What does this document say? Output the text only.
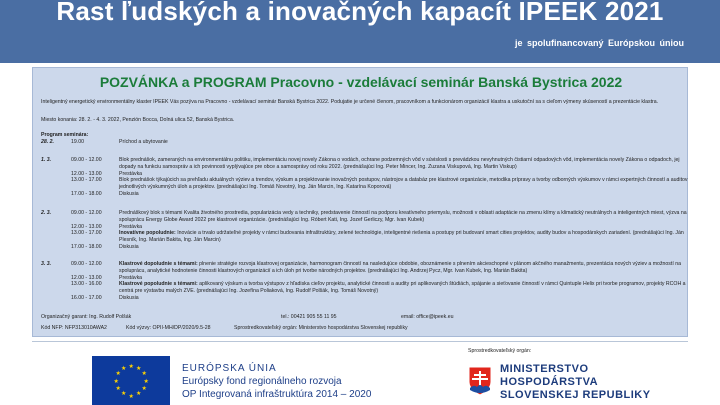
Rast ľudských a inovačných kapacít IPEEK 2021
je spolufinancovaný Európskou úniou
POZVÁNKA a PROGRAM Pracovno - vzdelávací seminár Banská Bystrica 2022
Inteligentný energetický environmentálny klaster IPEEK Vás pozýva na Pracovno - vzdelávací seminár Banská Bystrica 2022. Podujatie je určené členom, pracovníkom a funkcionárom organizácií klastra a uskutoční sa s cieľom výmeny skúseností a prezentácie klastra.
Miesto konania: 28. 2. - 4. 3. 2022, Penzión Bocca, Dolná ulica 52, Banská Bystrica.
Program seminára:
28. 2.	19.00	Príchod a ubytovanie
1. 3.	09.00 - 12.00	Blok prednášok, zameraných na environmentálnu politiku, implementáciu novej novely Zákona o vodách, ochrane podzemných vôd v súvislosti s prevádzkou nevyhnutných čistiarní odpadových vôd, implementácia novely Zákona o odpadoch, jej dopady na funkciu samospráv a ich povinnosti vyplývajúce pre obce a samosprávy od roku 2022. (prednášajúci Ing. Peter Mincer, Ing. Zuzana Viskupová, Ing. Martin Viskup)
12.00 - 13.00	Prestávka
13.00 - 17.00	Blok prednášok týkajúcich sa prehľadu aktuálnych výziev a trendov, výskum a projektovanie inovačných postupov, nástrojov a databáz pre klastrové organizácie, metodika prípravy a tvorby odborných výskumov v rámci expertných činností a auditov jednotlivých výskumných úloh a projektov. (prednášajúci Ing. Tomáš Novotný, Ing. Ján Marcin, Ing. Katarína Koporová)
17.00 - 18.00	Diskusia
2. 3.	09.00 - 12.00	Prednáškový blok s témami Kvalita životného prostredia, popularizácia vedy a techniky, predstavenie činností na podporu kreatívneho priemyslu, možnosti v oblasti adaptácie na zmenu klímy a klimatický neutrálnych a inteligentných miest, výzva na spoluprácu Energy Globe Award 2022 pre klastrové organizácie. (prednášajúci Ing. Róbert Kati, Ing. Jozef Gerliczy, Mgr. Ivan Kubek)
12.00 - 13.00	Prestávka
13.00 - 17.00	Inovatívne popoludnie: Inovácie a trvalo udržateľné projekty v rámci budovania infraštruktúry, zelené technológie, inteligentné riešenia a postupy pri budovaní smart cities projektov, audity budov a hospodárskych zariadení. (prednášajúci Ing. Ján Plesník, Ing. Marián Bakita, Ing. Ján Marcin)
17.00 - 18.00	Diskusia
3. 3.	09.00 - 12.00	Klastrové dopoludnie s témami: plnenie stratégie rozvoja klastrovej organizácie, harmonogram činností na nasledujúce obdobie, oboznámenie s plnením akcieschopné v plánom akčného manažmentu, prezentácia nových výziev a možností na spoluprácu, analytické hodnotenie činnosti klastrových organizácií a ich úloh pri tvorbe národných projektov. (prednášajúci Ing. Andrzej Pycz, Mgr. Ivan Kubek, Ing. Marián Bakita)
12.00 - 13.00	Prestávka
13.00 - 16.00	Klastrové popoludnie s témami: aplikovaný výskum a tvorba výstupov z hľadiska cieľov projektu, analytické činnosti a audity pri aplikovaných štúdiách, spájanie a sieťovanie činností v rámci Quintuple Helix pri tvorbe programov, projekty RCOH a centrá pre výstavbu malých ZVE. (prednášajúci Ing. Jozefína Poliaková, Ing. Rudolf Polšák, Ing. Tomáš Novotný)
16.00 - 17.00	Diskusia
Organizačný garant: Ing. Rudolf Polšák	tel.: 00421 905 55 11 95	email: office@ipeek.eu
Kód NFP: NFP313010AWA2	Kód výzvy: OPII-MH/DP/2020/9.5-28	Sprostredkovateľský orgán: Ministerstvo hospodárstva Slovenskej republiky
★ ★
★
★
★
★
★
★
★
★
★
★	EURÓPSKA ÚNIA
Európsky fond regionálneho rozvoja
OP Integrovaná infraštruktúra 2014 – 2020
Sprostredkovateľský orgán:
MINISTERSTVO
HOSPODÁRSTVA
SLOVENSKEJ REPUBLIKY
